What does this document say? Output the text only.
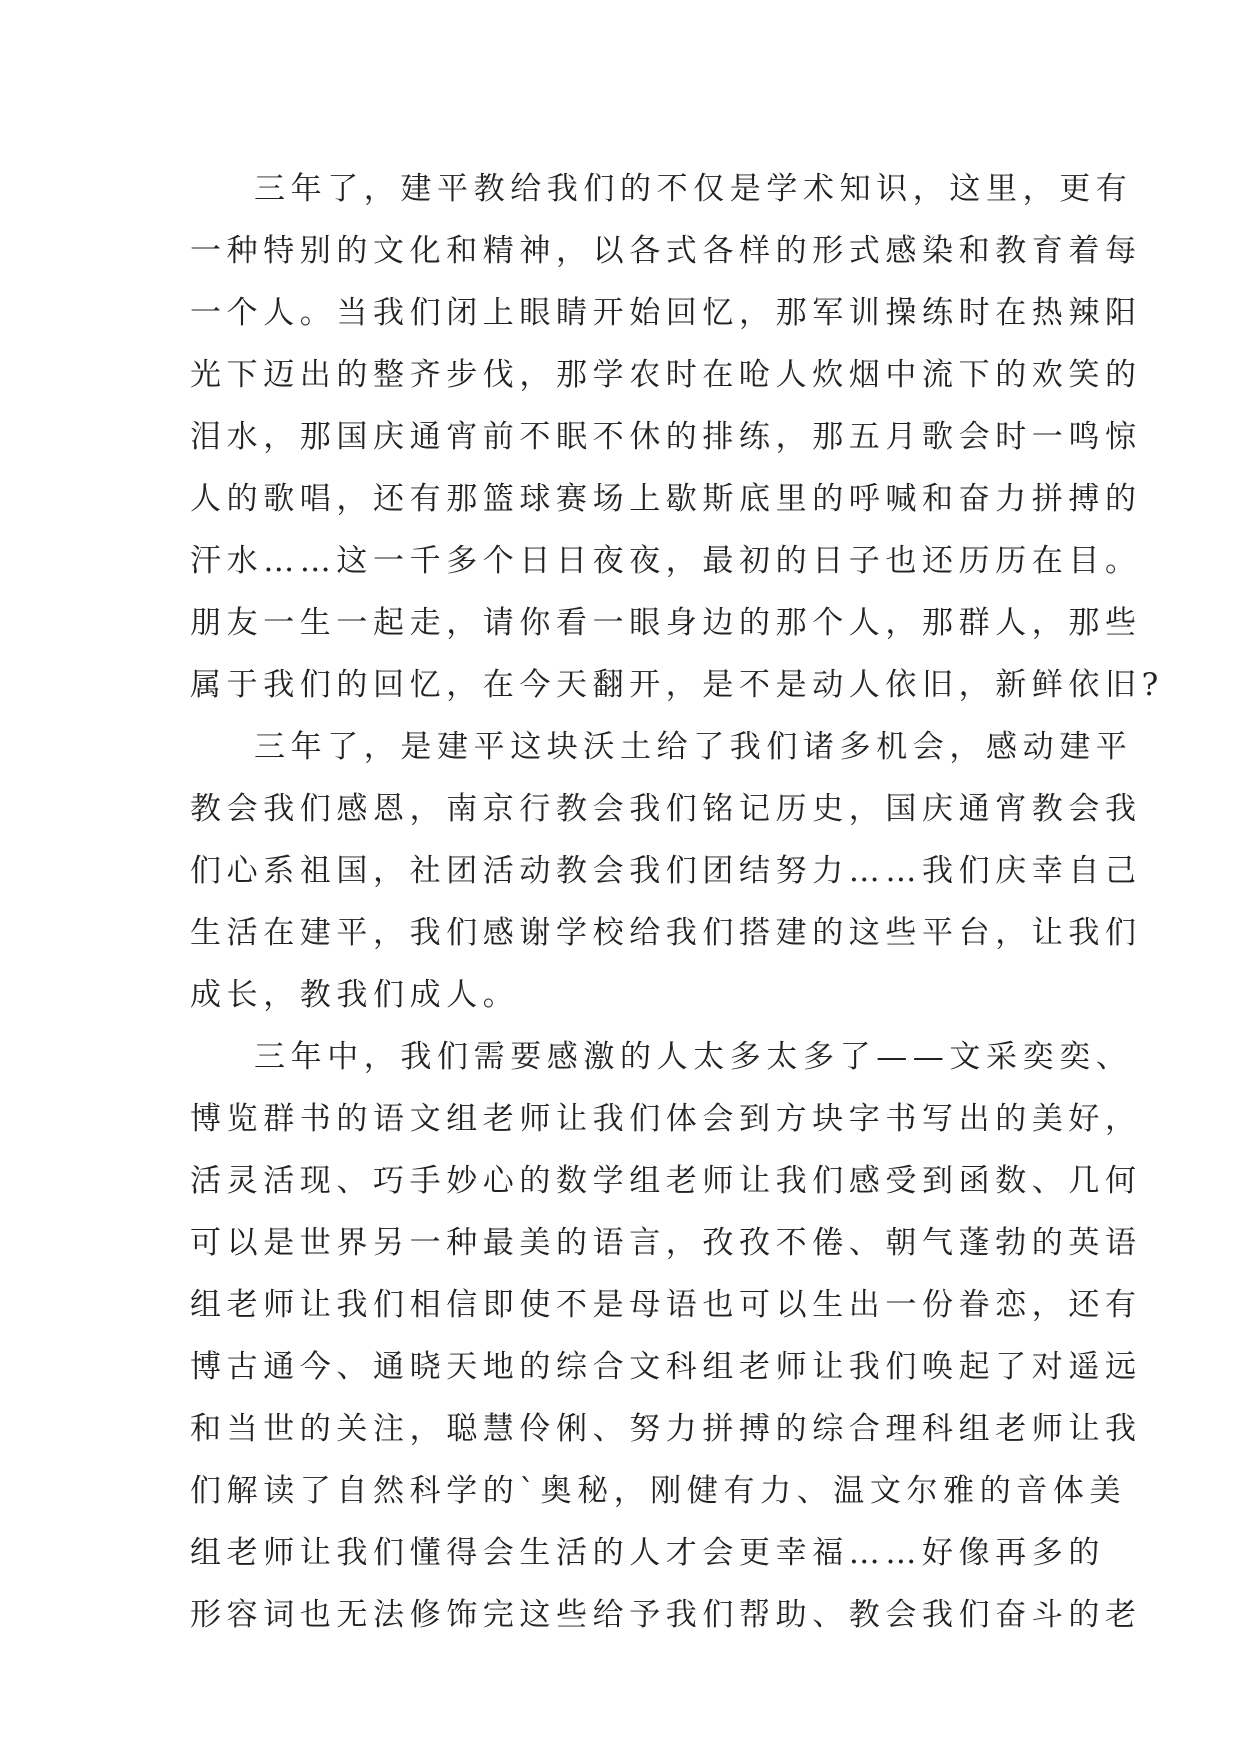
三年了，建平教给我们的不仅是学术知识，这里，更有
一种特别的文化和精神，以各式各样的形式感染和教育着每
一个人。当我们闭上眼睛开始回忆，那军训操练时在热辣阳
光下迈出的整齐步伐，那学农时在呛人炊烟中流下的欢笑的
泪水，那国庆通宵前不眠不休的排练，那五月歌会时一鸣惊
人的歌唱，还有那篮球赛场上歇斯底里的呼喊和奋力拼搏的
汗水……这一千多个日日夜夜，最初的日子也还历历在目。
朋友一生一起走，请你看一眼身边的那个人，那群人，那些
属于我们的回忆，在今天翻开，是不是动人依旧，新鲜依旧?
三年了，是建平这块沃土给了我们诸多机会，感动建平
教会我们感恩，南京行教会我们铭记历史，国庆通宵教会我
们心系祖国，社团活动教会我们团结努力……我们庆幸自己
生活在建平，我们感谢学校给我们搭建的这些平台，让我们
成长，教我们成人。
三年中，我们需要感激的人太多太多了——文采奕奕、
博览群书的语文组老师让我们体会到方块字书写出的美好，
活灵活现、巧手妙心的数学组老师让我们感受到函数、几何
可以是世界另一种最美的语言，孜孜不倦、朝气蓬勃的英语
组老师让我们相信即使不是母语也可以生出一份眷恋，还有
博古通今、通晓天地的综合文科组老师让我们唤起了对遥远
和当世的关注，聪慧伶俐、努力拼搏的综合理科组老师让我
们解读了自然科学的`奥秘，刚健有力、温文尔雅的音体美
组老师让我们懂得会生活的人才会更幸福……好像再多的
形容词也无法修饰完这些给予我们帮助、教会我们奋斗的老
